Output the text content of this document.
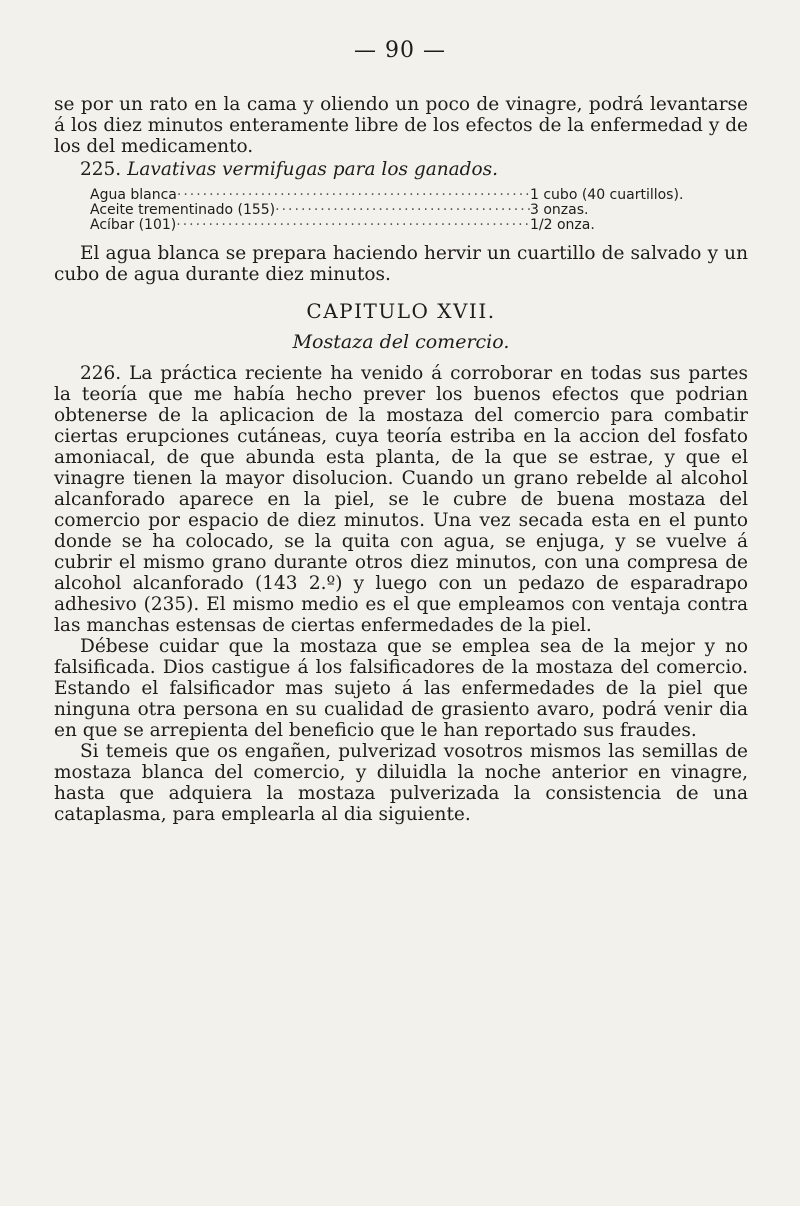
— 90 —

se por un rato en la cama y oliendo un poco de vinagre, podrá levantarse á los diez minutos enteramente libre de los efectos de la enfermedad y de los del medicamento.

225. Lavativas vermifugas para los ganados.

Agua blanca ·····	1 cubo (40 cuartillos).
Aceite trementinado (155) ·····	3 onzas.
Acíbar (101) ·····	1/2 onza.

El agua blanca se prepara haciendo hervir un cuartillo de salvado y un cubo de agua durante diez minutos.

CAPITULO XVII.
Mostaza del comercio.

226. La práctica reciente ha venido á corroborar en todas sus partes la teoría que me había hecho prever los buenos efectos que podrian obtenerse de la aplicacion de la mostaza del comercio para combatir ciertas erupciones cutáneas, cuya teoría estriba en la accion del fosfato amoniacal, de que abunda esta planta, de la que se estrae, y que el vinagre tienen la mayor disolucion. Cuando un grano rebelde al alcohol alcanforado aparece en la piel, se le cubre de buena mostaza del comercio por espacio de diez minutos. Una vez secada esta en el punto donde se ha colocado, se la quita con agua, se enjuga, y se vuelve á cubrir el mismo grano durante otros diez minutos, con una compresa de alcohol alcanforado (143 2.º) y luego con un pedazo de esparadrapo adhesivo (235). El mismo medio es el que empleamos con ventaja contra las manchas estensas de ciertas enfermedades de la piel.

Débese cuidar que la mostaza que se emplea sea de la mejor y no falsificada. Dios castigue á los falsificadores de la mostaza del comercio. Estando el falsificador mas sujeto á las enfermedades de la piel que ninguna otra persona en su cualidad de grasiento avaro, podrá venir dia en que se arrepienta del beneficio que le han reportado sus fraudes.

Si temeis que os engañen, pulverizad vosotros mismos las semillas de mostaza blanca del comercio, y diluidla la noche anterior en vinagre, hasta que adquiera la mostaza pulverizada la consistencia de una cataplasma, para emplearla al dia siguiente.
